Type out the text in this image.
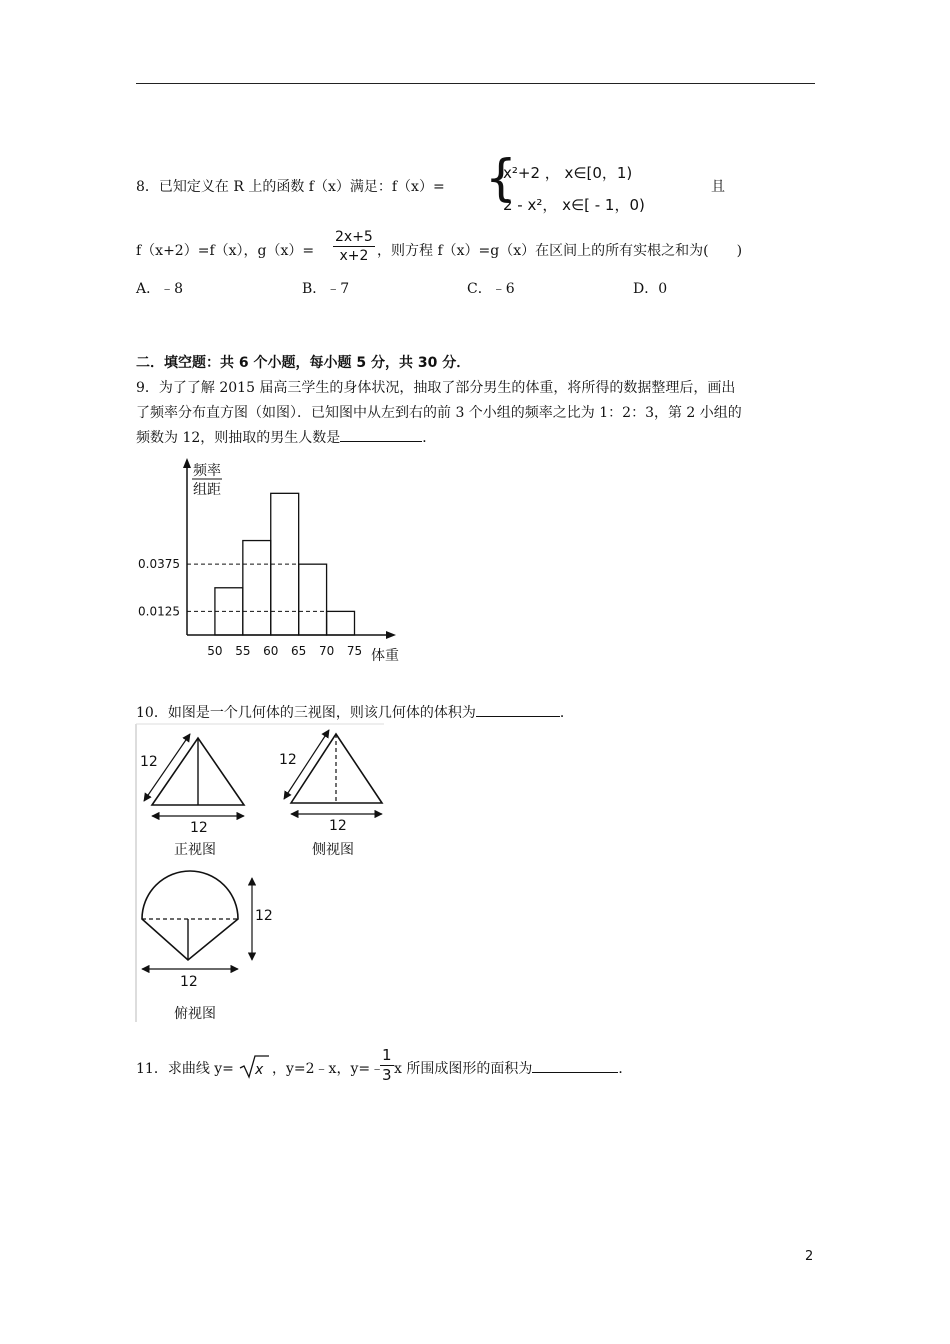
8．已知定义在 R 上的函数 f（x）满足：f（x）= {
x²+2 ， x∈[0，1)
2 - x²， x∈[ - 1，0)
且
f（x+2）=f（x），$g(x)= \frac{2x+5}{x+2}$ ，则方程 f（x）=g（x）在区间上的所有实根之和为(　　)
A．﹣8	B．﹣7	C．﹣6	D．0
二．填空题：共 6 个小题，每小题 5 分，共 30 分．
9．为了了解 2015 届高三学生的身体状况，抽取了部分男生的体重，将所得的数据整理后，画出
了频率分布直方图（如图）．已知图中从左到右的前 3 个小组的频率之比为 1：2：3，第 2 小组的
频数为 12，则抽取的男生人数是	．
频率
组距
体重
50 55 60 65 70 75
0.0375
0.0125
10．如图是一个几何体的三视图，则该几何体的体积为	．
12
12
正视图
12
12
侧视图
12
12
俯视图
11．求曲线 y= x ，y=2﹣x，y=﹣
$\frac{1}{3}$ x 所围成图形的面积为	．
2
